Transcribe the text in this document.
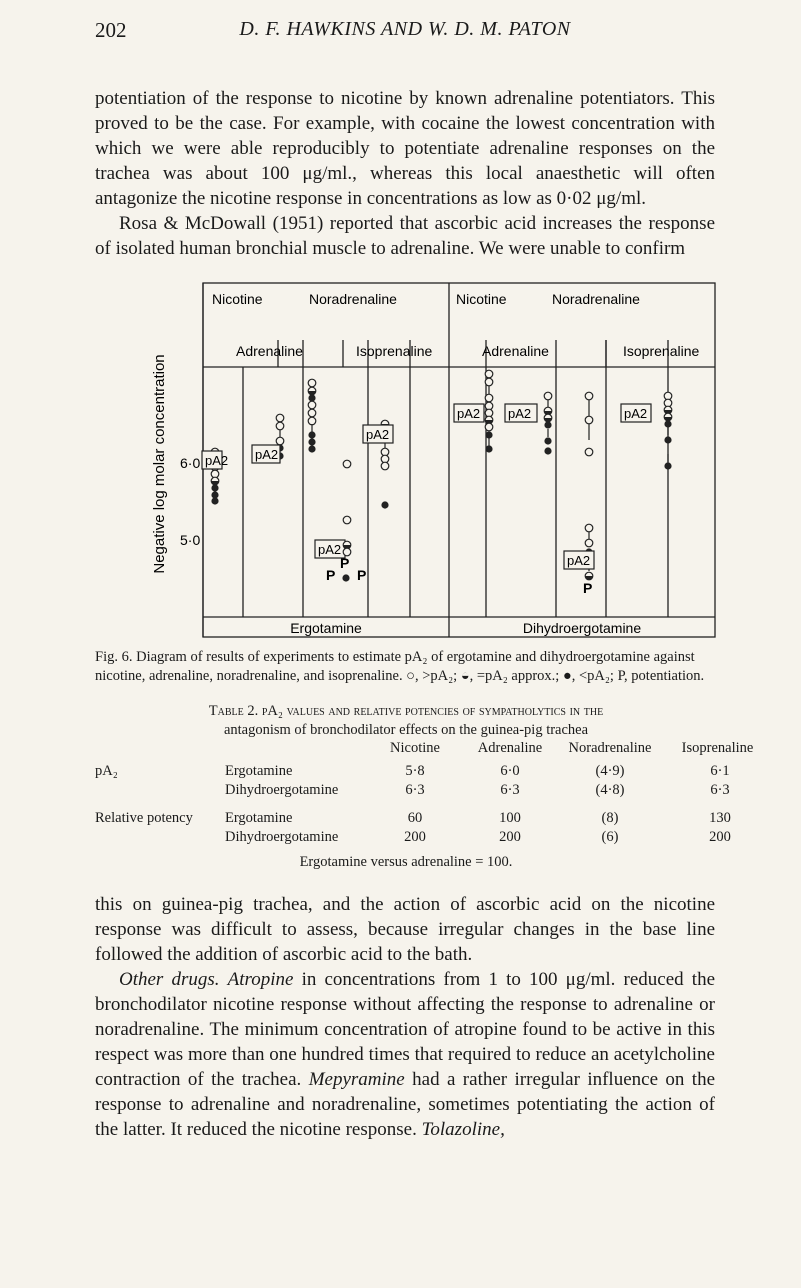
202	D. F. HAWKINS AND W. D. M. PATON

potentiation of the response to nicotine by known adrenaline potentiators. This proved to be the case. For example, with cocaine the lowest concentration with which we were able reproducibly to potentiate adrenaline responses on the trachea was about 100 μg/ml., whereas this local anaesthetic will often antagonize the nicotine response in concentrations as low as 0·02 μg/ml.

Rosa & McDowall (1951) reported that ascorbic acid increases the response of isolated human bronchial muscle to adrenaline. We were unable to confirm

Negative log molar concentration 6·0
5·0
Nicotine	Noradrenaline
Adrenaline	Isoprenaline
Nicotine	Noradrenaline
Adrenaline	Isoprenaline
Ergotamine	Dihydroergotamine
pA2 pA2
pA2
P
P P
pA2
pA2 pA2
pA2
P
pA2
Fig. 6. Diagram of results of experiments to estimate pA₂ of ergotamine and dihydroergotamine against nicotine, adrenaline, noradrenaline, and isoprenaline. ○, >pA₂; ◒, =pA₂ approx.; ●, <pA₂; P, potentiation.
Table 2. pA₂ values and relative potencies of sympatholytics in the
antagonism of bronchodilator effects on the guinea-pig trachea
Nicotine	Adrenaline	Noradrenaline	Isoprenaline
pA₂	Ergotamine	5·8	6·0	(4·9)	6·1
Dihydroergotamine	6·3	6·3	(4·8)	6·3
Relative potency Ergotamine	60	100	(8)	130
Dihydroergotamine	200	200	(6)	200
Ergotamine versus adrenaline = 100.

this on guinea-pig trachea, and the action of ascorbic acid on the nicotine response was difficult to assess, because irregular changes in the base line followed the addition of ascorbic acid to the bath.

Other drugs. Atropine in concentrations from 1 to 100 μg/ml. reduced the bronchodilator nicotine response without affecting the response to adrenaline or noradrenaline. The minimum concentration of atropine found to be active in this respect was more than one hundred times that required to reduce an acetylcholine contraction of the trachea. Mepyramine had a rather irregular influence on the response to adrenaline and noradrenaline, sometimes potentiating the action of the latter. It reduced the nicotine response. Tolazoline,
